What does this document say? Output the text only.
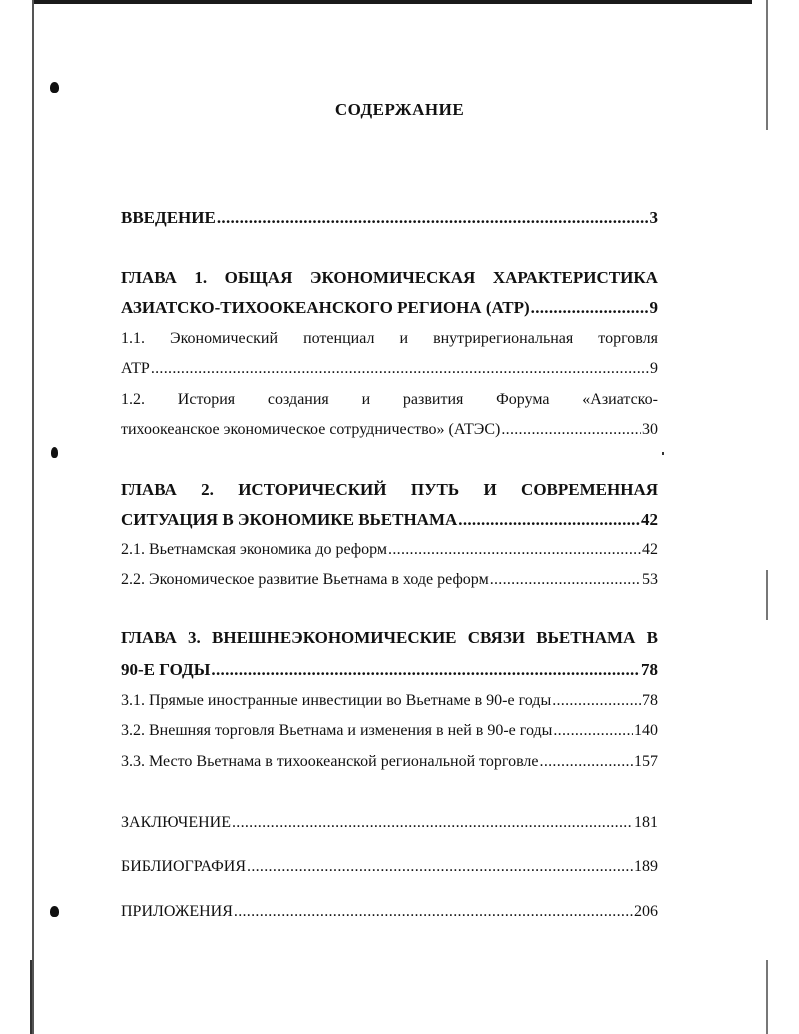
СОДЕРЖАНИЕ
ВВЕДЕНИЕ .....	3
ГЛАВА 1. ОБЩАЯ ЭКОНОМИЧЕСКАЯ ХАРАКТЕРИСТИКА
АЗИАТСКО-ТИХООКЕАНСКОГО РЕГИОНА (АТР) .....	9
1.1. Экономический потенциал и внутрирегиональная торговля
АТР .....	9
1.2. История создания и развития Форума «Азиатско-
тихоокеанское экономическое сотрудничество» (АТЭС) .....	30
ГЛАВА 2. ИСТОРИЧЕСКИЙ ПУТЬ И СОВРЕМЕННАЯ
СИТУАЦИЯ В ЭКОНОМИКЕ ВЬЕТНАМА .....	42
2.1. Вьетнамская экономика до реформ .....	42
2.2. Экономическое развитие Вьетнама в ходе реформ .....	53
ГЛАВА 3. ВНЕШНЕЭКОНОМИЧЕСКИЕ СВЯЗИ ВЬЕТНАМА В
90-Е ГОДЫ .....	78
3.1. Прямые иностранные инвестиции во Вьетнаме в 90-е годы .....	78
3.2. Внешняя торговля Вьетнама и изменения в ней в 90-е годы .....	140
3.3. Место Вьетнама в тихоокеанской региональной торговле .....	157
ЗАКЛЮЧЕНИЕ .....	181
БИБЛИОГРАФИЯ .....	189
ПРИЛОЖЕНИЯ .....	206
